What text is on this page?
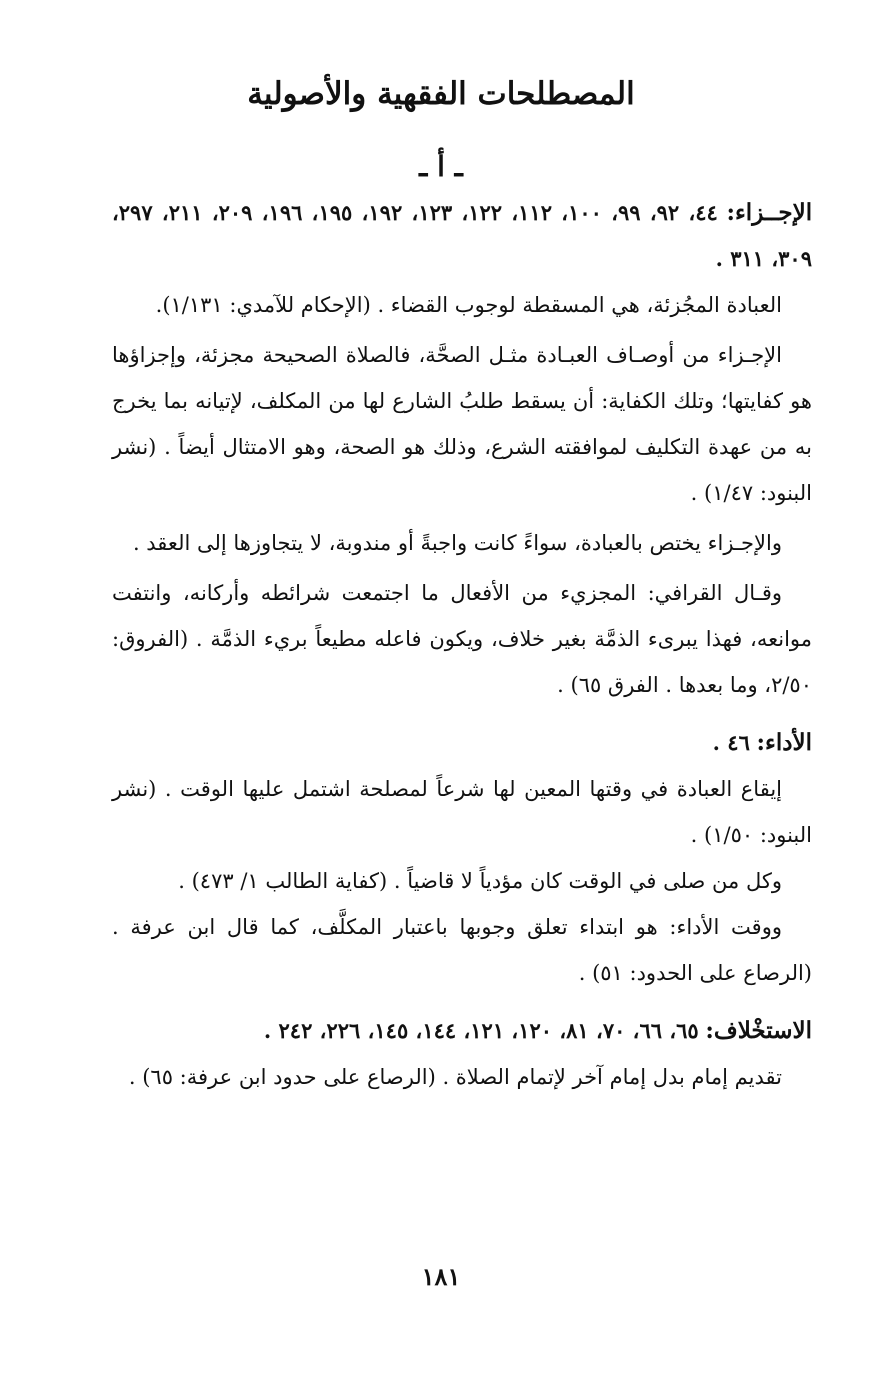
المصطلحات الفقهية والأصولية
ـ أ ـ

الإجــزاء: ٤٤، ٩٢، ٩٩، ١٠٠، ١١٢، ١٢٢، ١٢٣، ١٩٢، ١٩٥، ١٩٦، ٢٠٩، ٢١١، ٢٩٧، ٣٠٩، ٣١١ .

العبادة المجُزئة، هي المسقطة لوجوب القضاء . (الإحكام للآمدي: ١/١٣١).

الإجـزاء من أوصـاف العبـادة مثـل الصحَّة، فالصلاة الصحيحة مجزئة، وإجزاؤها هو كفايتها؛ وتلك الكفاية: أن يسقط طلبُ الشارع لها من المكلف، لإتيانه بما يخرج به من عهدة التكليف لموافقته الشرع، وذلك هو الصحة، وهو الامتثال أيضاً . (نشر البنود: ١/٤٧) .

والإجـزاء يختص بالعبادة، سواءً كانت واجبةً أو مندوبة، لا يتجاوزها إلى العقد .

وقـال القرافي: المجزيء من الأفعال ما اجتمعت شرائطه وأركانه، وانتفت موانعه، فهذا يبرىء الذمَّة بغير خلاف، ويكون فاعله مطيعاً بريء الذمَّة . (الفروق: ٢/٥٠، وما بعدها . الفرق ٦٥) .

الأداء: ٤٦ .

إيقاع العبادة في وقتها المعين لها شرعاً لمصلحة اشتمل عليها الوقت . (نشر البنود: ١/٥٠) .

وكل من صلى في الوقت كان مؤدياً لا قاضياً . (كفاية الطالب ١/ ٤٧٣) .

ووقت الأداء: هو ابتداء تعلق وجوبها باعتبار المكلَّف، كما قال ابن عرفة . (الرصاع على الحدود: ٥١) .

الاستخْلاف: ٦٥، ٦٦، ٧٠، ٨١، ١٢٠، ١٢١، ١٤٤، ١٤٥، ٢٢٦، ٢٤٢ .

تقديم إمام بدل إمام آخر لإتمام الصلاة . (الرصاع على حدود ابن عرفة: ٦٥) .

١٨١
